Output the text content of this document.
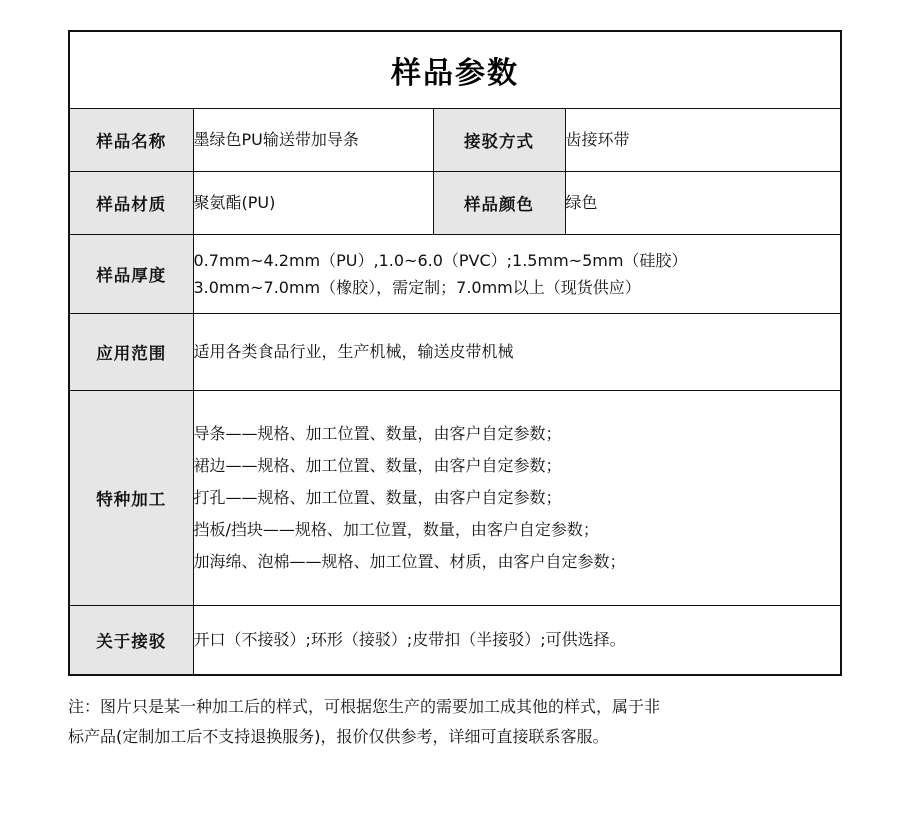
样品参数			
样品名称	墨绿色PU输送带加导条	接驳方式	齿接环带
样品材质	聚氨酯(PU)	样品颜色	绿色
样品厚度	0.7mm~4.2mm（PU）,1.0~6.0（PVC）;1.5mm~5mm（硅胶）
3.0mm~7.0mm（橡胶），需定制；7.0mm以上（现货供应）		

应用范围	适用各类食品行业，生产机械，输送皮带机械		
特种加工	导条——规格、加工位置、数量，由客户自定参数；
裙边——规格、加工位置、数量，由客户自定参数；
打孔——规格、加工位置、数量，由客户自定参数；
挡板/挡块——规格、加工位置，数量，由客户自定参数；
加海绵、泡棉——规格、加工位置、材质，由客户自定参数；		

关于接驳	开口（不接驳）;环形（接驳）;皮带扣（半接驳）;可供选择。		

注：图片只是某一种加工后的样式，可根据您生产的需要加工成其他的样式，属于非

标产品(定制加工后不支持退换服务)，报价仅供参考，详细可直接联系客服。
